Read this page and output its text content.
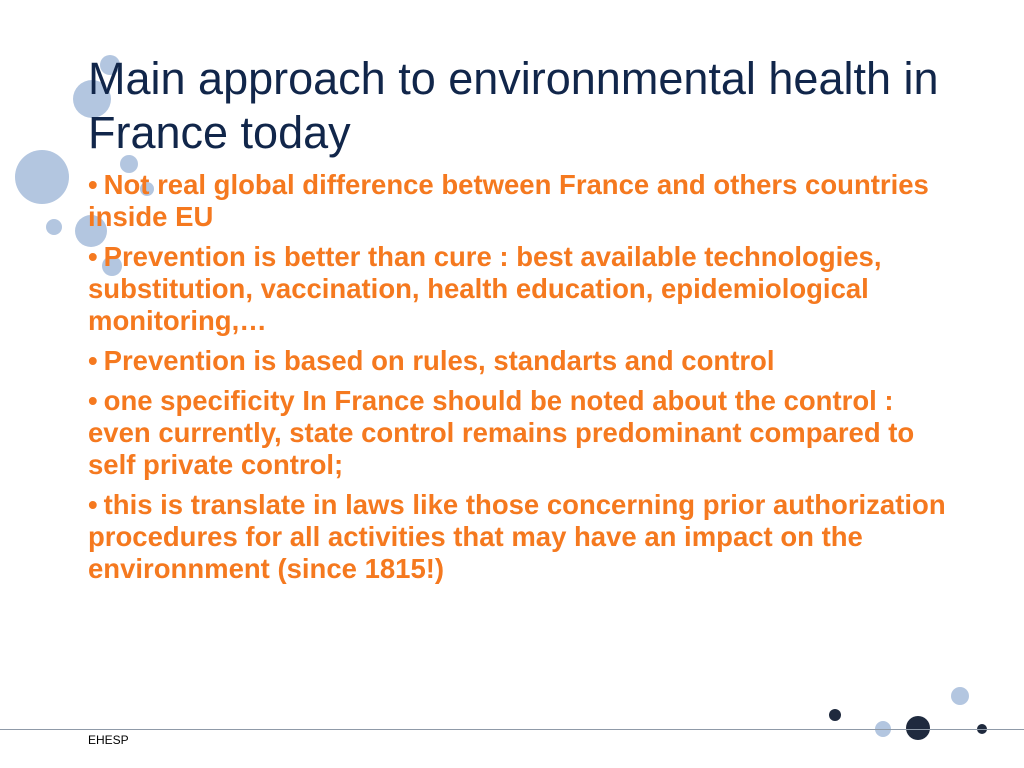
Main approach to environnmental health in France today
• Not real global difference between France and others countries inside EU
• Prevention is better than cure : best available technologies, substitution, vaccination, health education, epidemiological monitoring,…
• Prevention is based on rules, standarts and control
• one specificity In France should be noted about the control : even currently, state control remains predominant compared to self private control;
• this is translate in laws like those concerning prior authorization procedures for all activities that may have an impact on the environnment (since 1815!)
EHESP
